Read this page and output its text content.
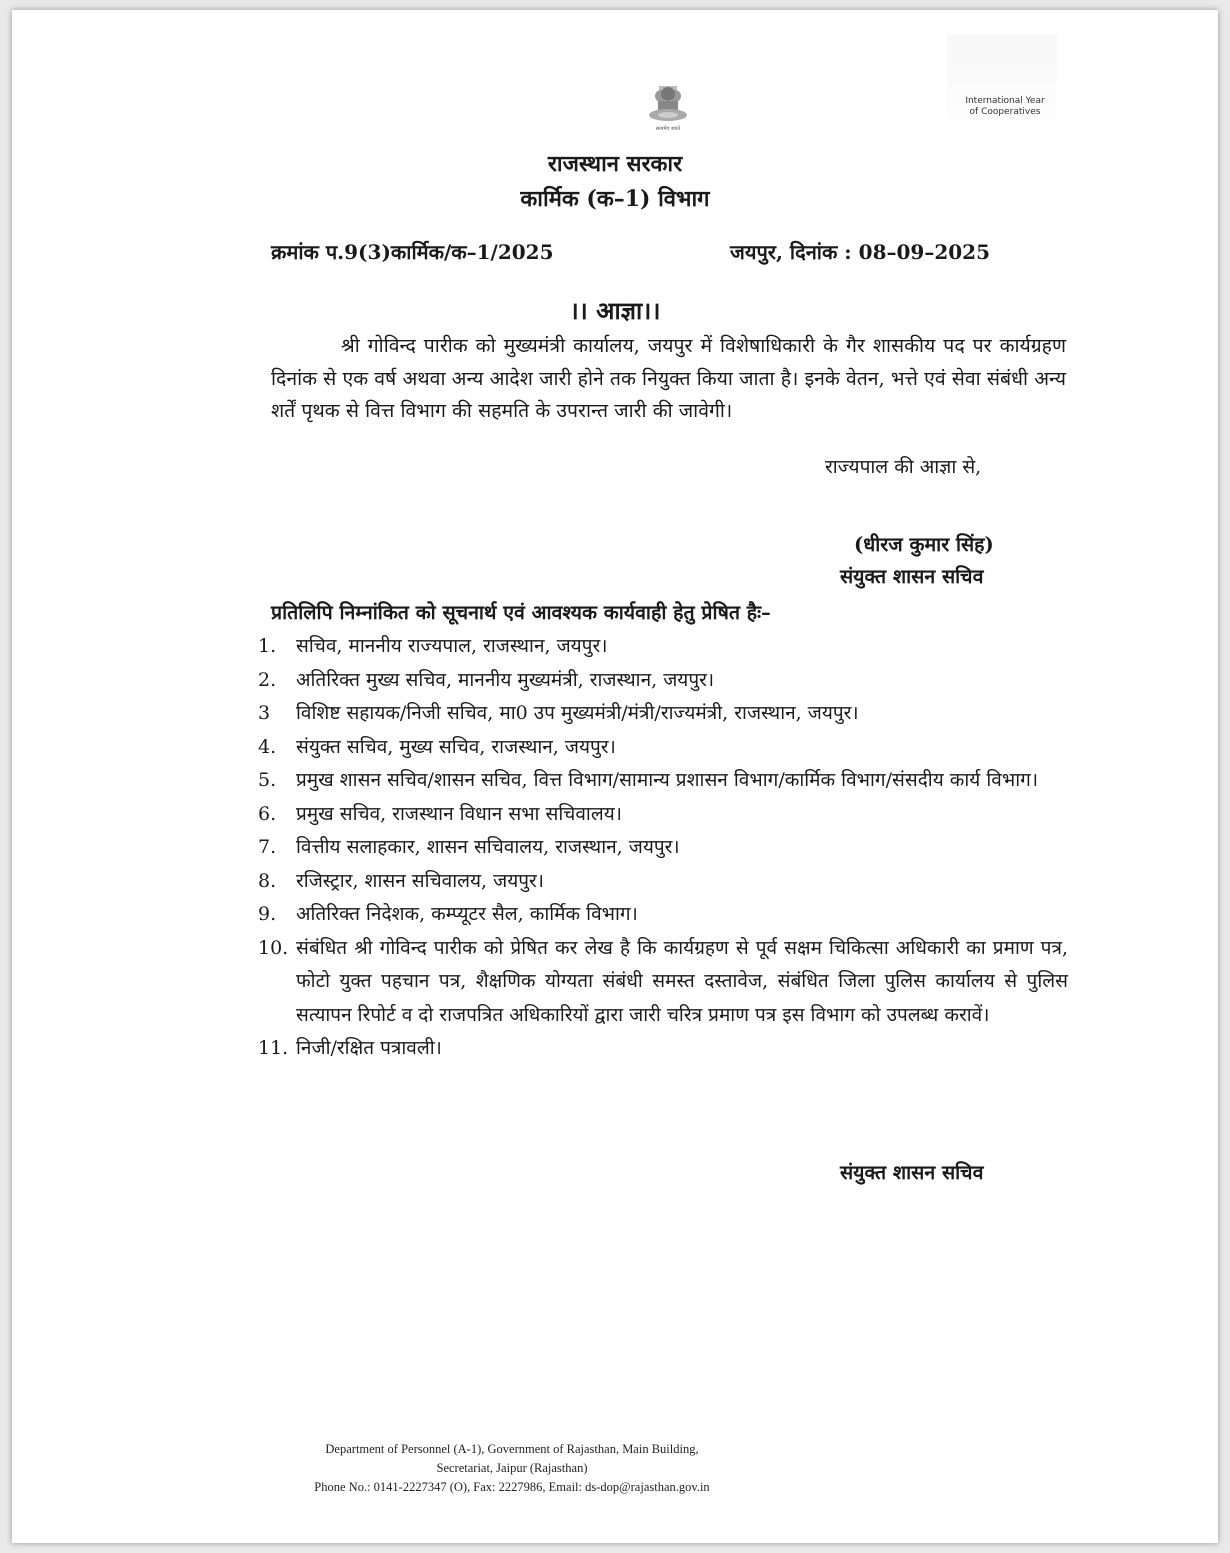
सत्यमेव जयते
International Year
of Cooperatives
राजस्थान सरकार
कार्मिक (क–1) विभाग
क्रमांक प.9(3)कार्मिक/क–1/2025	जयपुर, दिनांक : 08–09–2025
।। आज्ञा।।
श्री गोविन्द पारीक को मुख्यमंत्री कार्यालय, जयपुर में विशेषाधिकारी के गैर शासकीय पद पर कार्यग्रहण दिनांक से एक वर्ष अथवा अन्य आदेश जारी होने तक नियुक्त किया जाता है। इनके वेतन, भत्ते एवं सेवा संबंधी अन्य शर्तें पृथक से वित्त विभाग की सहमति के उपरान्त जारी की जावेगी।
राज्यपाल की आज्ञा से,
(धीरज कुमार सिंह)
संयुक्त शासन सचिव
प्रतिलिपि निम्नांकित को सूचनार्थ एवं आवश्यक कार्यवाही हेतु प्रेषित हैः–
1. सचिव, माननीय राज्यपाल, राजस्थान, जयपुर।
2. अतिरिक्त मुख्य सचिव, माननीय मुख्यमंत्री, राजस्थान, जयपुर।
3 विशिष्ट सहायक/निजी सचिव, मा0 उप मुख्यमंत्री/मंत्री/राज्यमंत्री, राजस्थान, जयपुर।
4. संयुक्त सचिव, मुख्य सचिव, राजस्थान, जयपुर।
5. प्रमुख शासन सचिव/शासन सचिव, वित्त विभाग/सामान्य प्रशासन विभाग/कार्मिक विभाग/संसदीय कार्य विभाग।
6. प्रमुख सचिव, राजस्थान विधान सभा सचिवालय।
7. वित्तीय सलाहकार, शासन सचिवालय, राजस्थान, जयपुर।
8. रजिस्ट्रार, शासन सचिवालय, जयपुर।
9. अतिरिक्त निदेशक, कम्प्यूटर सैल, कार्मिक विभाग।
10. संबंधित श्री गोविन्द पारीक को प्रेषित कर लेख है कि कार्यग्रहण से पूर्व सक्षम चिकित्सा अधिकारी का प्रमाण पत्र, फोटो युक्त पहचान पत्र, शैक्षणिक योग्यता संबंधी समस्त दस्तावेज, संबंधित जिला पुलिस कार्यालय से पुलिस सत्यापन रिपोर्ट व दो राजपत्रित अधिकारियों द्वारा जारी चरित्र प्रमाण पत्र इस विभाग को उपलब्ध करावें।
11. निजी/रक्षित पत्रावली।
संयुक्त शासन सचिव
Department of Personnel (A-1), Government of Rajasthan, Main Building,
Secretariat, Jaipur (Rajasthan)
Phone No.: 0141-2227347 (O), Fax: 2227986, Email: ds-dop@rajasthan.gov.in
